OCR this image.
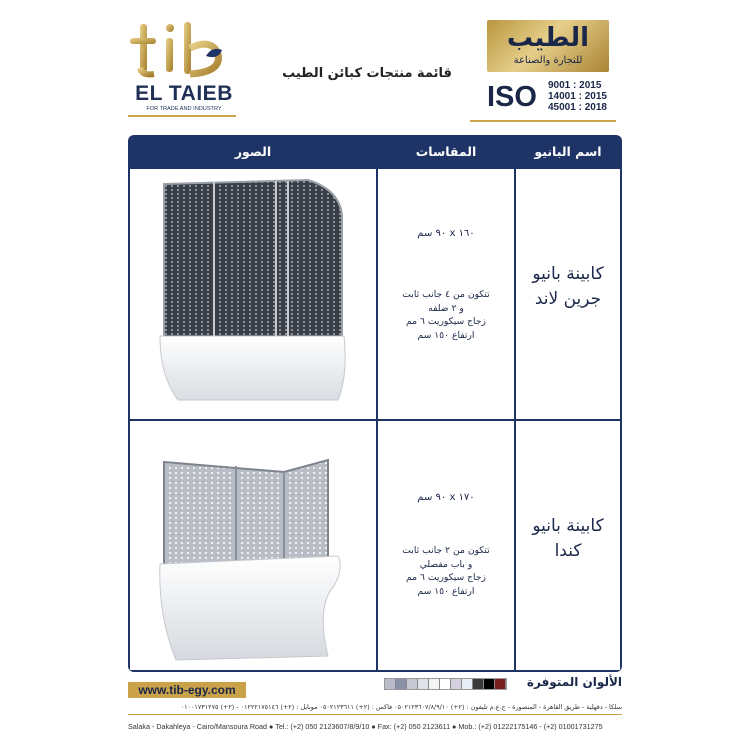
EL TAIEB
FOR TRADE AND INDUSTRY
قائمة منتجات كبائن الطيب
الطيب
للتجارة والصناعة
ISO 9001 : 2015
14001 : 2015
45001 : 2018
اسم البانيو
المقاسات
الصور
كابينة بانيو
جرين لاند
١٦٠ x ٩٠ سم
تتكون من ٤ جانب ثابت
و ٢ ضلفه
زجاج سيكوريت ٦ مم
ارتفاع ١٥٠ سم
كابينة بانيو
كندا
١٧٠ x ٩٠ سم
تتكون من ٢ جانب ثابت
و باب مفصلي
زجاج سيكوريت ٦ مم
ارتفاع ١٥٠ سم
www.tib-egy.com
الألوان المتوفرة
سلكا - دقهلية - طريق القاهرة - المنصورة - ج.ع.م تليفون : (٢+) ٠٥٠٢١٢٣٦٠٧/٨/٩/١٠ فاكس : (٢+) ٠٥٠٢١٢٣٦١١ موبايل : (٢+) ٠١٢٢٢١٧٥١٤٦ - (٢+) ٠١٠٠١٧٣١٢٧٥
Salaka - Dakahleya - Cairo/Mansoura Road ● Tel.: (+2) 050 2123607/8/9/10 ● Fax: (+2) 050 2123611 ● Mob.: (+2) 01222175146 - (+2) 01001731275
